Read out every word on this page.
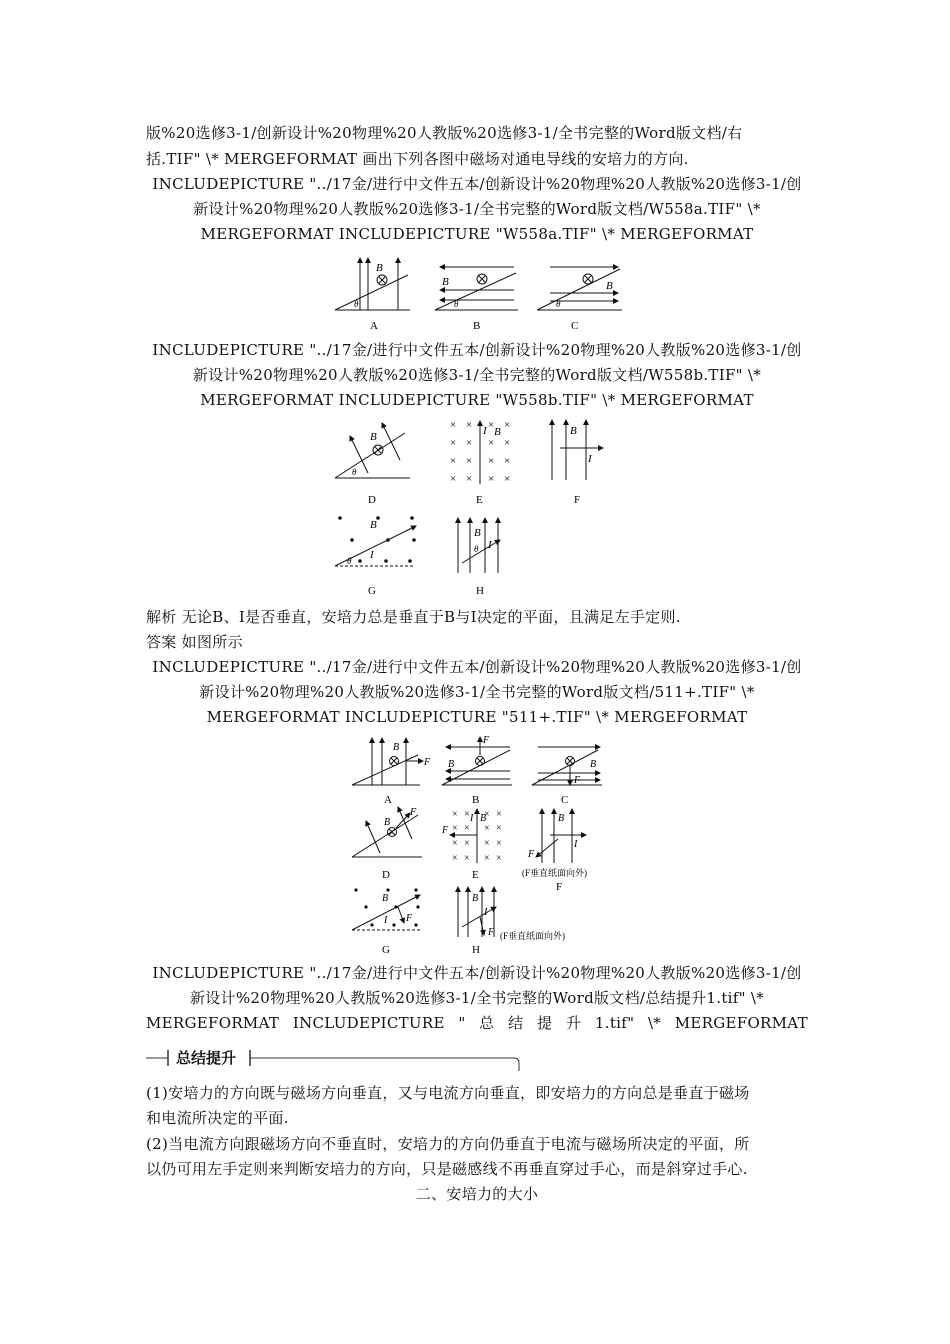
版%20选修3-1/创新设计%20物理%20人教版%20选修3-1/全书完整的Word版文档/右
括.TIF" \* MERGEFORMAT 画出下列各图中磁场对通电导线的安培力的方向.
INCLUDEPICTURE "../17金/进行中文件五本/创新设计%20物理%20人教版%20选修3-1/创
新设计%20物理%20人教版%20选修3-1/全书完整的Word版文档/W558a.TIF" \*
MERGEFORMAT INCLUDEPICTURE "W558a.TIF" \* MERGEFORMAT
B
θ
A
B
θ
B
B
θ
C
INCLUDEPICTURE "../17金/进行中文件五本/创新设计%20物理%20人教版%20选修3-1/创
新设计%20物理%20人教版%20选修3-1/全书完整的Word版文档/W558b.TIF" \*
MERGEFORMAT INCLUDEPICTURE "W558b.TIF" \* MERGEFORMAT
B
θ
D
× × × ×
× × × ×
× × × ×
× × × ×
I B
E
B
I
F
B
I
θ
G
B
I
θ
H
解析 无论B、I是否垂直，安培力总是垂直于B与I决定的平面，且满足左手定则.
答案 如图所示
INCLUDEPICTURE "../17金/进行中文件五本/创新设计%20物理%20人教版%20选修3-1/创
新设计%20物理%20人教版%20选修3-1/全书完整的Word版文档/511+.TIF" \*
MERGEFORMAT INCLUDEPICTURE "511+.TIF" \* MERGEFORMAT
F
B
A
F
B
B
F
B
C
F
B
D
× × × ×
× × × ×
× × × ×
× × × ×
F
I B
E
F
B
I
(F垂直纸面向外)
F
F
B
I
G
B
I
F (F垂直纸面向外)
H
INCLUDEPICTURE "../17金/进行中文件五本/创新设计%20物理%20人教版%20选修3-1/创
新设计%20物理%20人教版%20选修3-1/全书完整的Word版文档/总结提升1.tif" \*
MERGEFORMAT INCLUDEPICTURE " 总 结 提 升 1.tif" \* MERGEFORMAT
总结提升
(1)安培力的方向既与磁场方向垂直，又与电流方向垂直，即安培力的方向总是垂直于磁场
和电流所决定的平面.
(2)当电流方向跟磁场方向不垂直时，安培力的方向仍垂直于电流与磁场所决定的平面，所
以仍可用左手定则来判断安培力的方向，只是磁感线不再垂直穿过手心，而是斜穿过手心.
二、安培力的大小
